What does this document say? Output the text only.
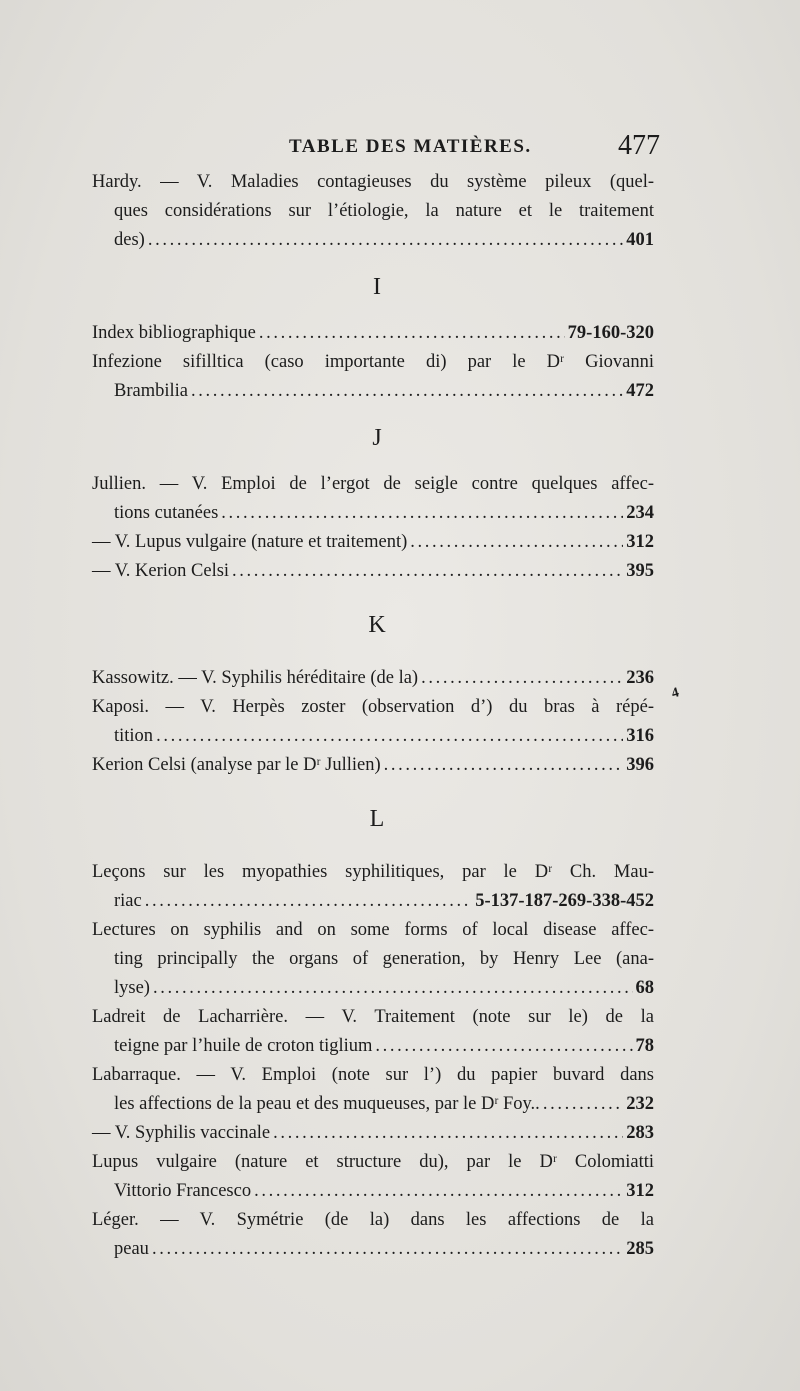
TABLE DES MATIÈRES.	477
Hardy. — V. Maladies contagieuses du système pileux (quel-
ques considérations sur l’étiologie, la nature et le traitement
des) . . .	401
I
Index bibliographique . . .	79-160-320
Infezione sifilltica (caso importante di) par le Dʳ Giovanni
Brambilia . . .	472
J
Jullien. — V. Emploi de l’ergot de seigle contre quelques affec-
tions cutanées . . .	234
— V. Lupus vulgaire (nature et traitement) . . .	312
— V. Kerion Celsi . . .	395
K
Kassowitz. — V. Syphilis héréditaire (de la) . . .	236
Kaposi. — V. Herpès zoster (observation d’) du bras à répé-
tition . . .	316
Kerion Celsi (analyse par le Dʳ Jullien) . . .	396
L
Leçons sur les myopathies syphilitiques, par le Dʳ Ch. Mau-
riac . . .	5-137-187-269-338-452
Lectures on syphilis and on some forms of local disease affec-
ting principally the organs of generation, by Henry Lee (ana-
lyse) . . .	68
Ladreit de Lacharrière. — V. Traitement (note sur le) de la
teigne par l’huile de croton tiglium . . .	78
Labarraque. — V. Emploi (note sur l’) du papier buvard dans
les affections de la peau et des muqueuses, par le Dʳ Foy.. . . .	232
— V. Syphilis vaccinale . . .	283
Lupus vulgaire (nature et structure du), par le Dʳ Colomiatti
Vittorio Francesco . . .	312
Léger. — V. Symétrie (de la) dans les affections de la
peau . . .	285
4
